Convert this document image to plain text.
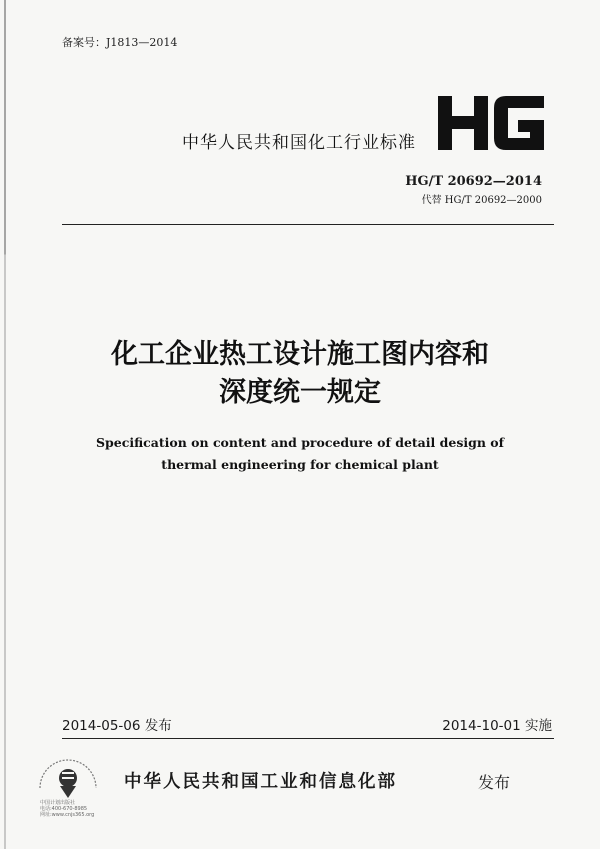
备案号：J1813—2014
中华人民共和国化工行业标准
HG/T 20692—2014
代替 HG/T 20692—2000
化工企业热工设计施工图内容和
深度统一规定
Specification on content and procedure of detail design of
thermal engineering for chemical plant
2014-05-06 发布	2014-10-01 实施
中国计划出版社
电话:400-670-8985
网址:www.cnjs365.org
中华人民共和国工业和信息化部	发布
